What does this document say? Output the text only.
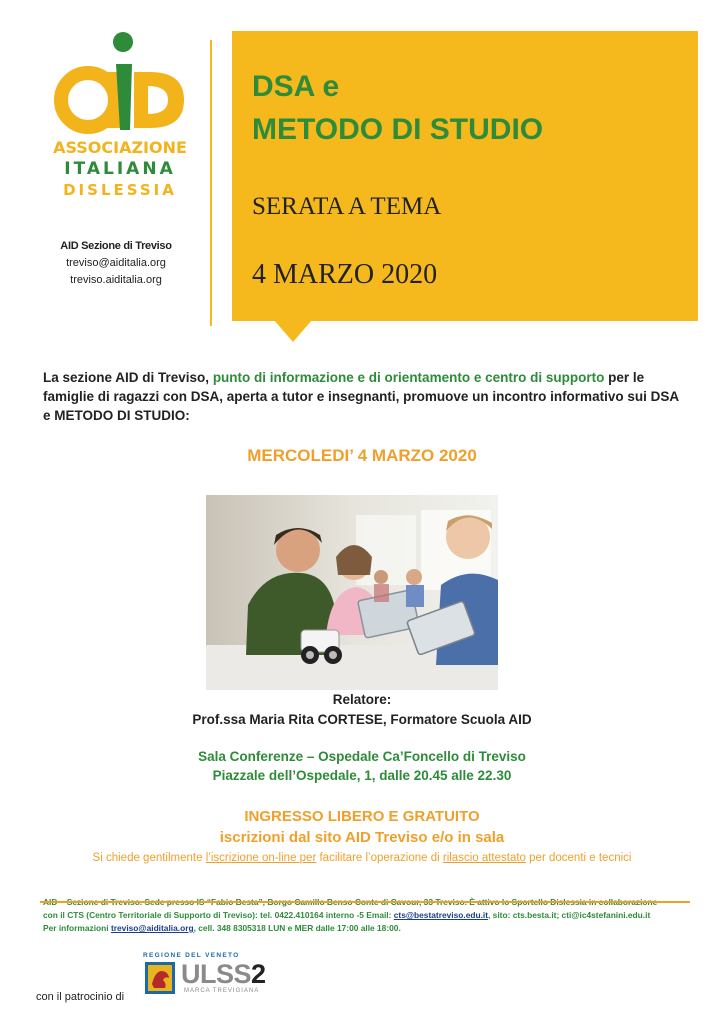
ASSOCIAZIONE
ITALIANA
DISLESSIA
AID Sezione di Treviso
treviso@aiditalia.org
treviso.aiditalia.org
DSA e
METODO DI STUDIO
SERATA A TEMA
4 MARZO 2020
La sezione AID di Treviso, punto di informazione e di orientamento e centro di supporto per le famiglie di ragazzi con DSA, aperta a tutor e insegnanti, promuove un incontro informativo sui DSA e METODO DI STUDIO:
MERCOLEDI’ 4 MARZO 2020
Relatore:
Prof.ssa Maria Rita CORTESE, Formatore Scuola AID
Sala Conferenze – Ospedale Ca’Foncello di Treviso
Piazzale dell’Ospedale, 1, dalle 20.45 alle 22.30
INGRESSO LIBERO E GRATUITO
iscrizioni dal sito AID Treviso e/o in sala
Si chiede gentilmente l’iscrizione on-line per facilitare l’operazione di rilascio attestato per docenti e tecnici
con il CTS (Centro Territoriale di Supporto di Treviso): tel. 0422.410164 interno -5 Email: cts@bestatreviso.edu.it, sito: cts.besta.it; cti@ic4stefanini.edu.it
Per informazioni treviso@aiditalia.org, cell. 348 8305318 LUN e MER dalle 17:00 alle 18:00.
con il patrocinio di
REGIONE DEL VENETO
ULSS2
MARCA TREVIGIANA
